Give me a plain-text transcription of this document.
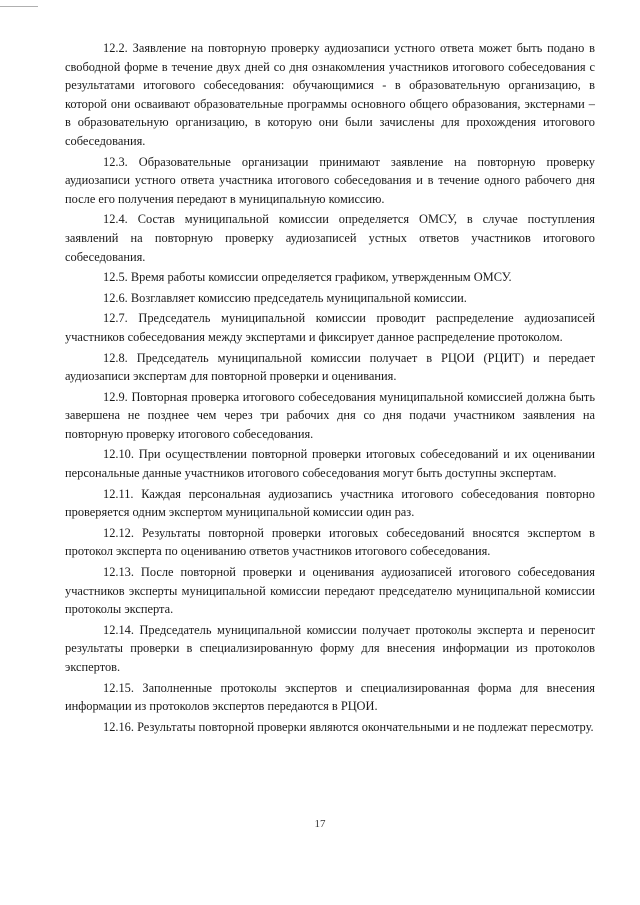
12.2. Заявление на повторную проверку аудиозаписи устного ответа может быть подано в свободной форме в течение двух дней со дня ознакомления участников итогового собеседования с результатами итогового собеседования: обучающимися - в образовательную организацию, в которой они осваивают образовательные программы основного общего образования, экстернами – в образовательную организацию, в которую они были зачислены для прохождения итогового собеседования.

12.3. Образовательные организации принимают заявление на повторную проверку аудиозаписи устного ответа участника итогового собеседования и в течение одного рабочего дня после его получения передают в муниципальную комиссию.

12.4. Состав муниципальной комиссии определяется ОМСУ, в случае поступления заявлений на повторную проверку аудиозаписей устных ответов участников итогового собеседования.

12.5. Время работы комиссии определяется графиком, утвержденным ОМСУ.

12.6. Возглавляет комиссию председатель муниципальной комиссии.

12.7. Председатель муниципальной комиссии проводит распределение аудиозаписей участников собеседования между экспертами и фиксирует данное распределение протоколом.

12.8. Председатель муниципальной комиссии получает в РЦОИ (РЦИТ) и передает аудиозаписи экспертам для повторной проверки и оценивания.

12.9. Повторная проверка итогового собеседования муниципальной комиссией должна быть завершена не позднее чем через три рабочих дня со дня подачи участником заявления на повторную проверку итогового собеседования.

12.10. При осуществлении повторной проверки итоговых собеседований и их оценивании персональные данные участников итогового собеседования могут быть доступны экспертам.

12.11. Каждая персональная аудиозапись участника итогового собеседования повторно проверяется одним экспертом муниципальной комиссии один раз.

12.12. Результаты повторной проверки итоговых собеседований вносятся экспертом в протокол эксперта по оцениванию ответов участников итогового собеседования.

12.13. После повторной проверки и оценивания аудиозаписей итогового собеседования участников эксперты муниципальной комиссии передают председателю муниципальной комиссии протоколы эксперта.

12.14. Председатель муниципальной комиссии получает протоколы эксперта и переносит результаты проверки в специализированную форму для внесения информации из протоколов экспертов.

12.15. Заполненные протоколы экспертов и специализированная форма для внесения информации из протоколов экспертов передаются в РЦОИ.

12.16. Результаты повторной проверки являются окончательными и не подлежат пересмотру.

17
